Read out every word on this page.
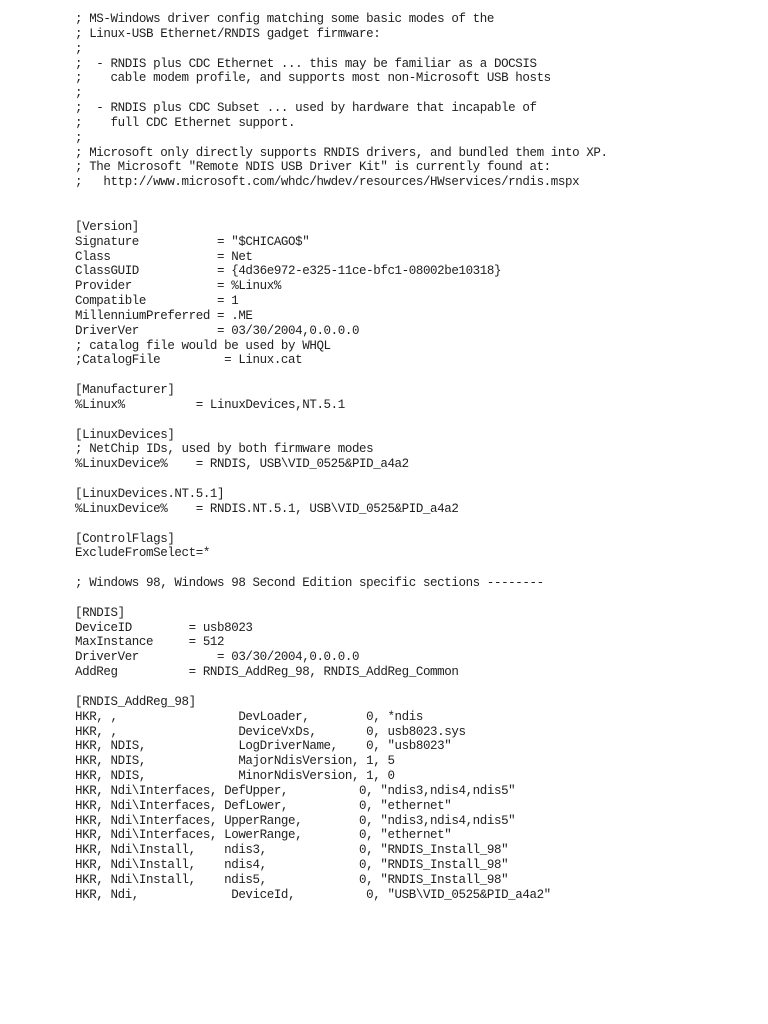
; MS-Windows driver config matching some basic modes of the
; Linux-USB Ethernet/RNDIS gadget firmware:
;
;  - RNDIS plus CDC Ethernet ... this may be familiar as a DOCSIS
;    cable modem profile, and supports most non-Microsoft USB hosts
;
;  - RNDIS plus CDC Subset ... used by hardware that incapable of
;    full CDC Ethernet support.
;
; Microsoft only directly supports RNDIS drivers, and bundled them into XP.
; The Microsoft "Remote NDIS USB Driver Kit" is currently found at:
;   http://www.microsoft.com/whdc/hwdev/resources/HWservices/rndis.mspx
[Version]
Signature           = "$CHICAGO$"
Class               = Net
ClassGUID           = {4d36e972-e325-11ce-bfc1-08002be10318}
Provider            = %Linux%
Compatible          = 1
MillenniumPreferred = .ME
DriverVer           = 03/30/2004,0.0.0.0
; catalog file would be used by WHQL
;CatalogFile         = Linux.cat
[Manufacturer]
%Linux%          = LinuxDevices,NT.5.1
[LinuxDevices]
; NetChip IDs, used by both firmware modes
%LinuxDevice%    = RNDIS, USB\VID_0525&PID_a4a2
[LinuxDevices.NT.5.1]
%LinuxDevice%    = RNDIS.NT.5.1, USB\VID_0525&PID_a4a2
[ControlFlags]
ExcludeFromSelect=*
; Windows 98, Windows 98 Second Edition specific sections --------
[RNDIS]
DeviceID        = usb8023
MaxInstance     = 512
DriverVer           = 03/30/2004,0.0.0.0
AddReg          = RNDIS_AddReg_98, RNDIS_AddReg_Common
[RNDIS_AddReg_98]
HKR, ,                 DevLoader,        0, *ndis
HKR, ,                 DeviceVxDs,       0, usb8023.sys
HKR, NDIS,             LogDriverName,    0, "usb8023"
HKR, NDIS,             MajorNdisVersion, 1, 5
HKR, NDIS,             MinorNdisVersion, 1, 0
HKR, Ndi\Interfaces, DefUpper,          0, "ndis3,ndis4,ndis5"
HKR, Ndi\Interfaces, DefLower,          0, "ethernet"
HKR, Ndi\Interfaces, UpperRange,        0, "ndis3,ndis4,ndis5"
HKR, Ndi\Interfaces, LowerRange,        0, "ethernet"
HKR, Ndi\Install,    ndis3,             0, "RNDIS_Install_98"
HKR, Ndi\Install,    ndis4,             0, "RNDIS_Install_98"
HKR, Ndi\Install,    ndis5,             0, "RNDIS_Install_98"
HKR, Ndi,             DeviceId,          0, "USB\VID_0525&PID_a4a2"
